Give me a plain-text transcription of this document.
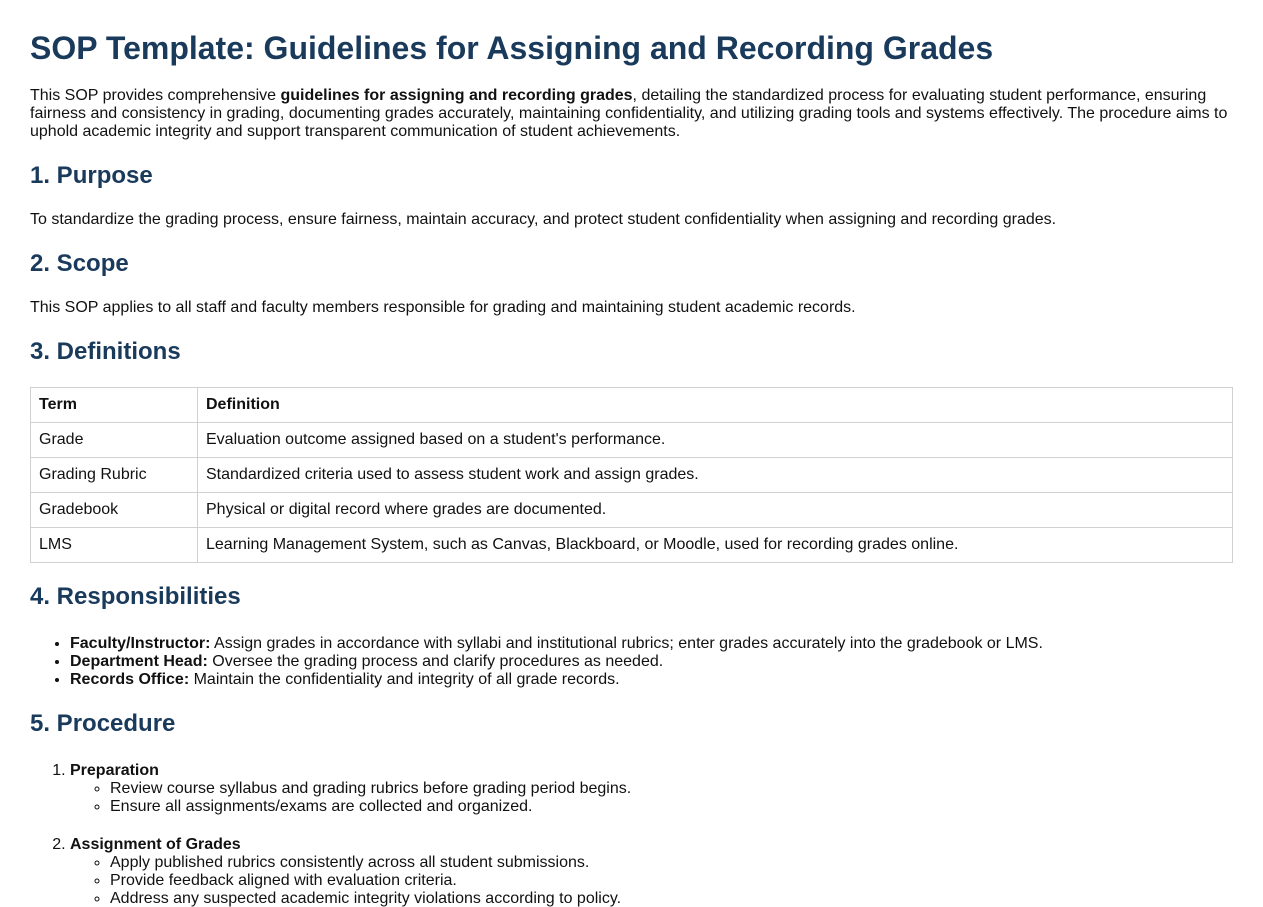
SOP Template: Guidelines for Assigning and Recording Grades

This SOP provides comprehensive guidelines for assigning and recording grades, detailing the standardized process for evaluating student performance, ensuring fairness and consistency in grading, documenting grades accurately, maintaining confidentiality, and utilizing grading tools and systems effectively. The procedure aims to uphold academic integrity and support transparent communication of student achievements.

1. Purpose

To standardize the grading process, ensure fairness, maintain accuracy, and protect student confidentiality when assigning and recording grades.

2. Scope

This SOP applies to all staff and faculty members responsible for grading and maintaining student academic records.

3. Definitions
Term	Definition
Grade	Evaluation outcome assigned based on a student's performance.
Grading Rubric	Standardized criteria used to assess student work and assign grades.
Gradebook	Physical or digital record where grades are documented.
LMS	Learning Management System, such as Canvas, Blackboard, or Moodle, used for recording grades online.
4. Responsibilities
• Faculty/Instructor: Assign grades in accordance with syllabi and institutional rubrics; enter grades accurately into the gradebook or LMS.
• Department Head: Oversee the grading process and clarify procedures as needed.
• Records Office: Maintain the confidentiality and integrity of all grade records.
5. Procedure
1. Preparation
◦ Review course syllabus and grading rubrics before grading period begins.
◦ Ensure all assignments/exams are collected and organized.
2. Assignment of Grades
◦ Apply published rubrics consistently across all student submissions.
◦ Provide feedback aligned with evaluation criteria.
◦ Address any suspected academic integrity violations according to policy.
